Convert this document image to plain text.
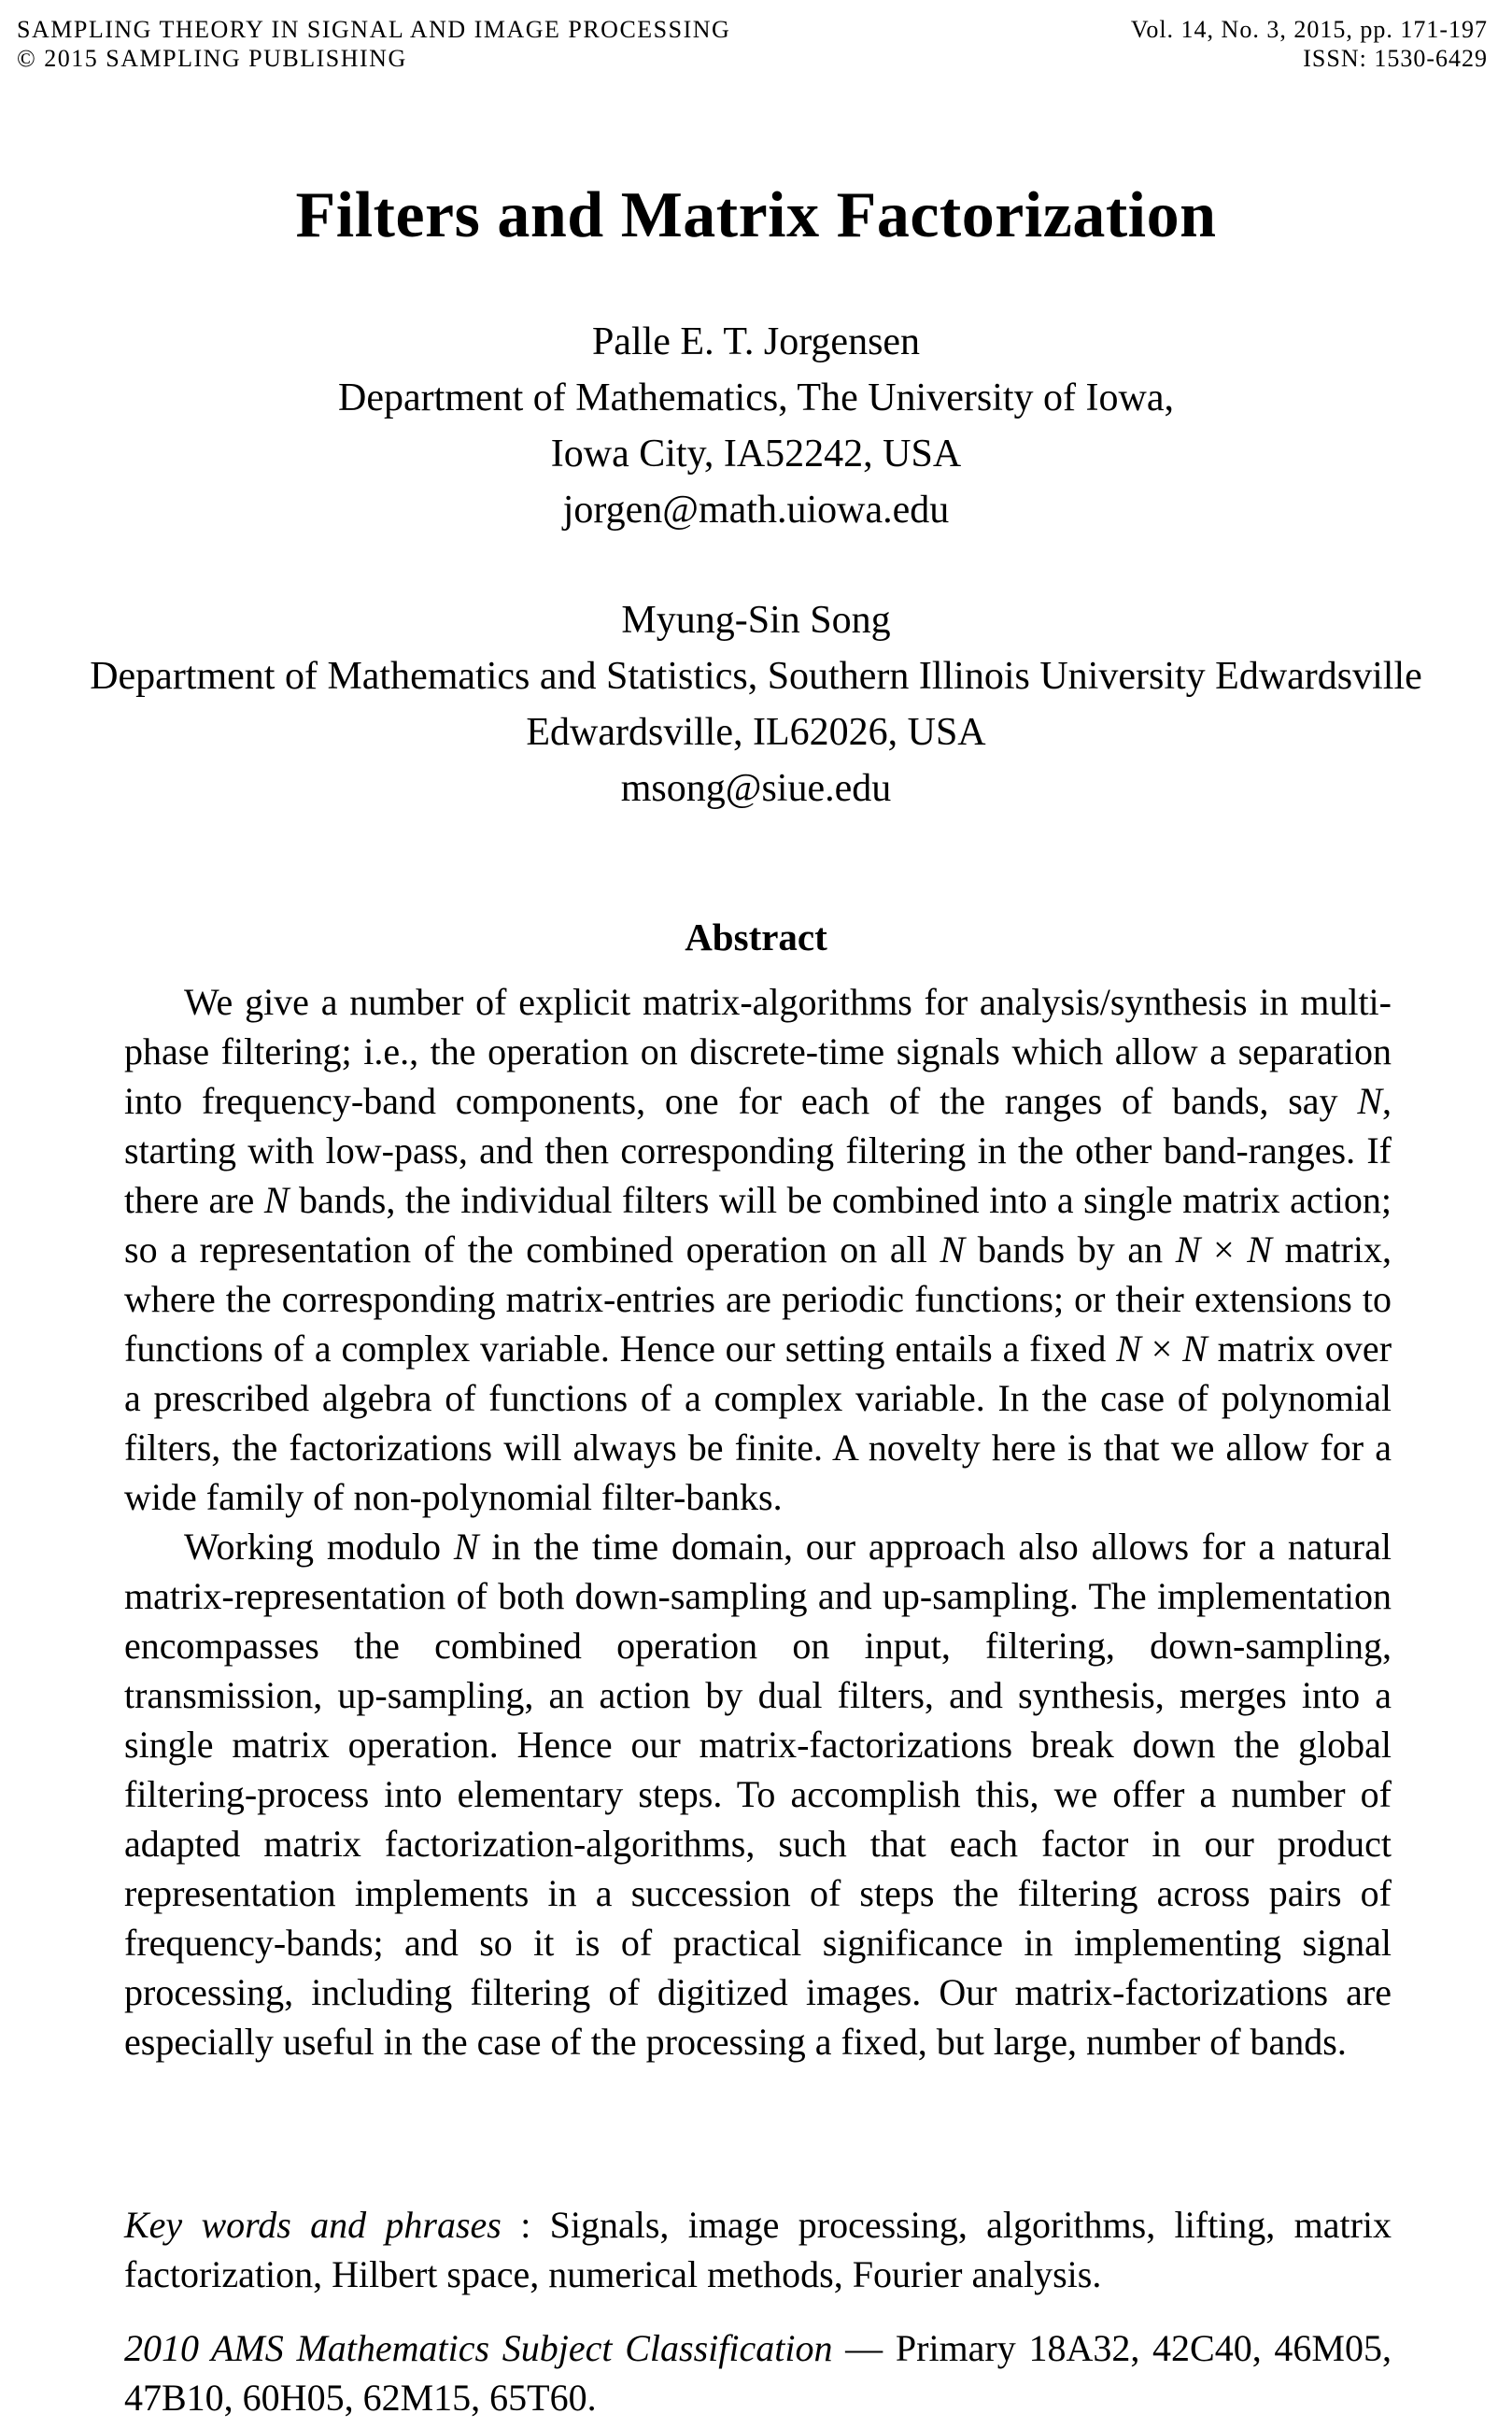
SAMPLING THEORY IN SIGNAL AND IMAGE PROCESSING
© 2015 SAMPLING PUBLISHING
Vol. 14, No. 3, 2015, pp. 171-197
ISSN: 1530-6429
Filters and Matrix Factorization
Palle E. T. Jorgensen
Department of Mathematics, The University of Iowa,
Iowa City, IA52242, USA
jorgen@math.uiowa.edu
Myung-Sin Song
Department of Mathematics and Statistics, Southern Illinois University Edwardsville
Edwardsville, IL62026, USA
msong@siue.edu
Abstract

We give a number of explicit matrix-algorithms for analysis/synthesis in multi-phase filtering; i.e., the operation on discrete-time signals which allow a separation into frequency-band components, one for each of the ranges of bands, say N, starting with low-pass, and then corresponding filtering in the other band-ranges. If there are N bands, the individual filters will be combined into a single matrix action; so a representation of the combined operation on all N bands by an N × N matrix, where the corresponding matrix-entries are periodic functions; or their extensions to functions of a complex variable. Hence our setting entails a fixed N × N matrix over a prescribed algebra of functions of a complex variable. In the case of polynomial filters, the factorizations will always be finite. A novelty here is that we allow for a wide family of non-polynomial filter-banks.

Working modulo N in the time domain, our approach also allows for a natural matrix-representation of both down-sampling and up-sampling. The implementation encompasses the combined operation on input, filtering, down-sampling, transmission, up-sampling, an action by dual filters, and synthesis, merges into a single matrix operation. Hence our matrix-factorizations break down the global filtering-process into elementary steps. To accomplish this, we offer a number of adapted matrix factorization-algorithms, such that each factor in our product representation implements in a succession of steps the filtering across pairs of frequency-bands; and so it is of practical significance in implementing signal processing, including filtering of digitized images. Our matrix-factorizations are especially useful in the case of the processing a fixed, but large, number of bands.

Key words and phrases : Signals, image processing, algorithms, lifting, matrix factorization, Hilbert space, numerical methods, Fourier analysis.

2010 AMS Mathematics Subject Classification — Primary 18A32, 42C40, 46M05, 47B10, 60H05, 62M15, 65T60.
